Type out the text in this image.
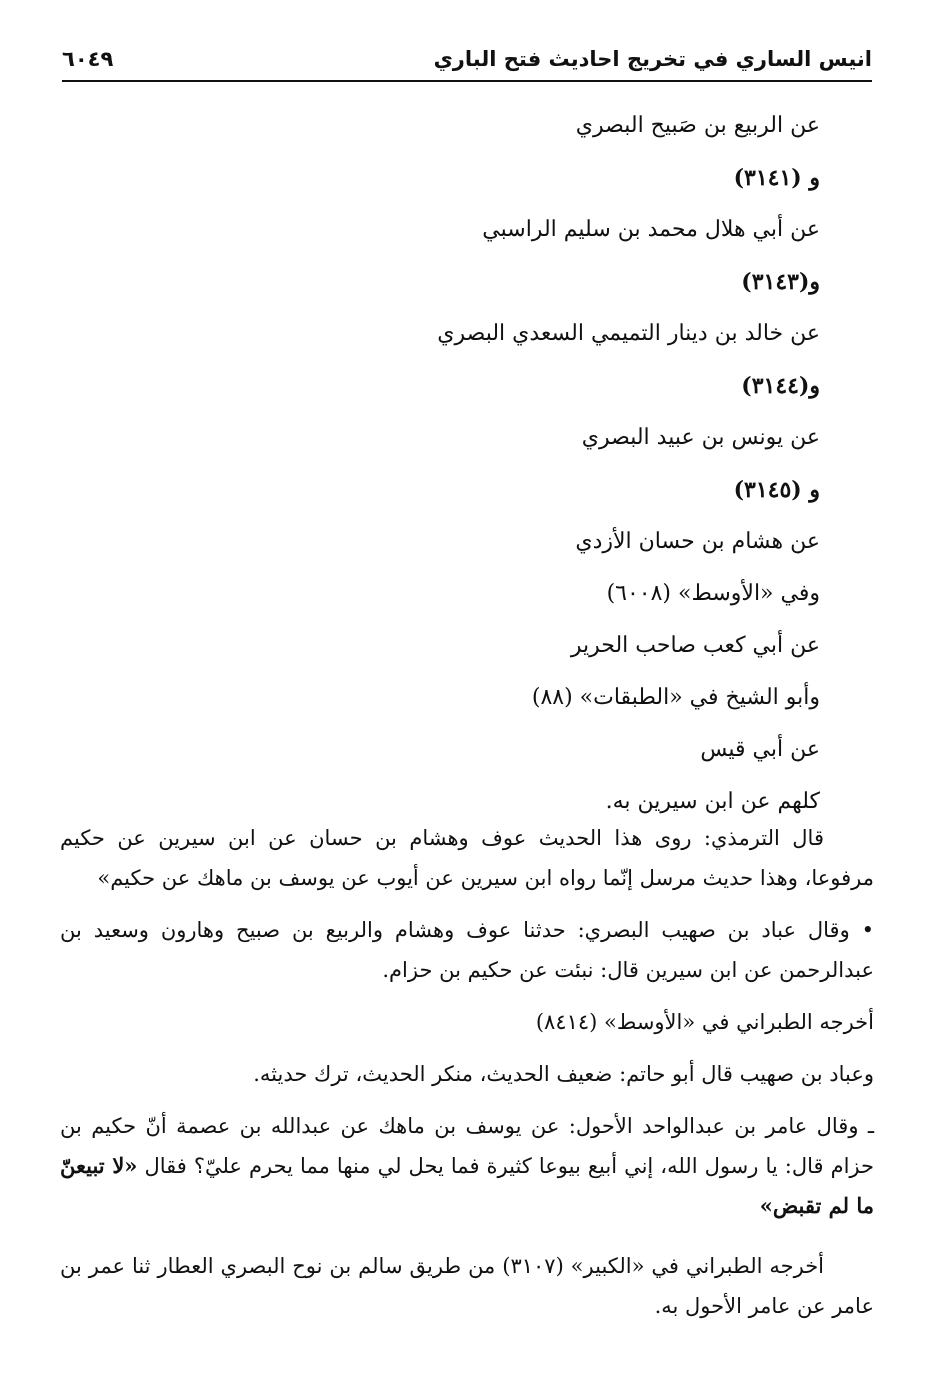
انيس الساري في تخريج احاديث فتح الباري
٦٠٤٩
عن الربيع بن صَبيح البصري
و (٣١٤١)
عن أبي هلال محمد بن سليم الراسبي
و(٣١٤٣)
عن خالد بن دينار التميمي السعدي البصري
و(٣١٤٤)
عن يونس بن عبيد البصري
و (٣١٤٥)
عن هشام بن حسان الأزدي
وفي «الأوسط» (٦٠٠٨)
عن أبي كعب صاحب الحرير
وأبو الشيخ في «الطبقات» (٨٨)
عن أبي قيس
كلهم عن ابن سيرين به.

قال الترمذي: روى هذا الحديث عوف وهشام بن حسان عن ابن سيرين عن حكيم مرفوعا، وهذا حديث مرسل إنّما رواه ابن سيرين عن أيوب عن يوسف بن ماهك عن حكيم»

• وقال عباد بن صهيب البصري: حدثنا عوف وهشام والربيع بن صبيح وهارون وسعيد بن عبدالرحمن عن ابن سيرين قال: نبئت عن حكيم بن حزام.

أخرجه الطبراني في «الأوسط» (٨٤١٤)

وعباد بن صهيب قال أبو حاتم: ضعيف الحديث، منكر الحديث، ترك حديثه.

ـ وقال عامر بن عبدالواحد الأحول: عن يوسف بن ماهك عن عبدالله بن عصمة أنّ حكيم بن حزام قال: يا رسول الله، إني أبيع بيوعا كثيرة فما يحل لي منها مما يحرم عليّ؟ فقال «لا تبيعنّ ما لم تقبض»

أخرجه الطبراني في «الكبير» (٣١٠٧) من طريق سالم بن نوح البصري العطار ثنا عمر بن عامر عن عامر الأحول به.
